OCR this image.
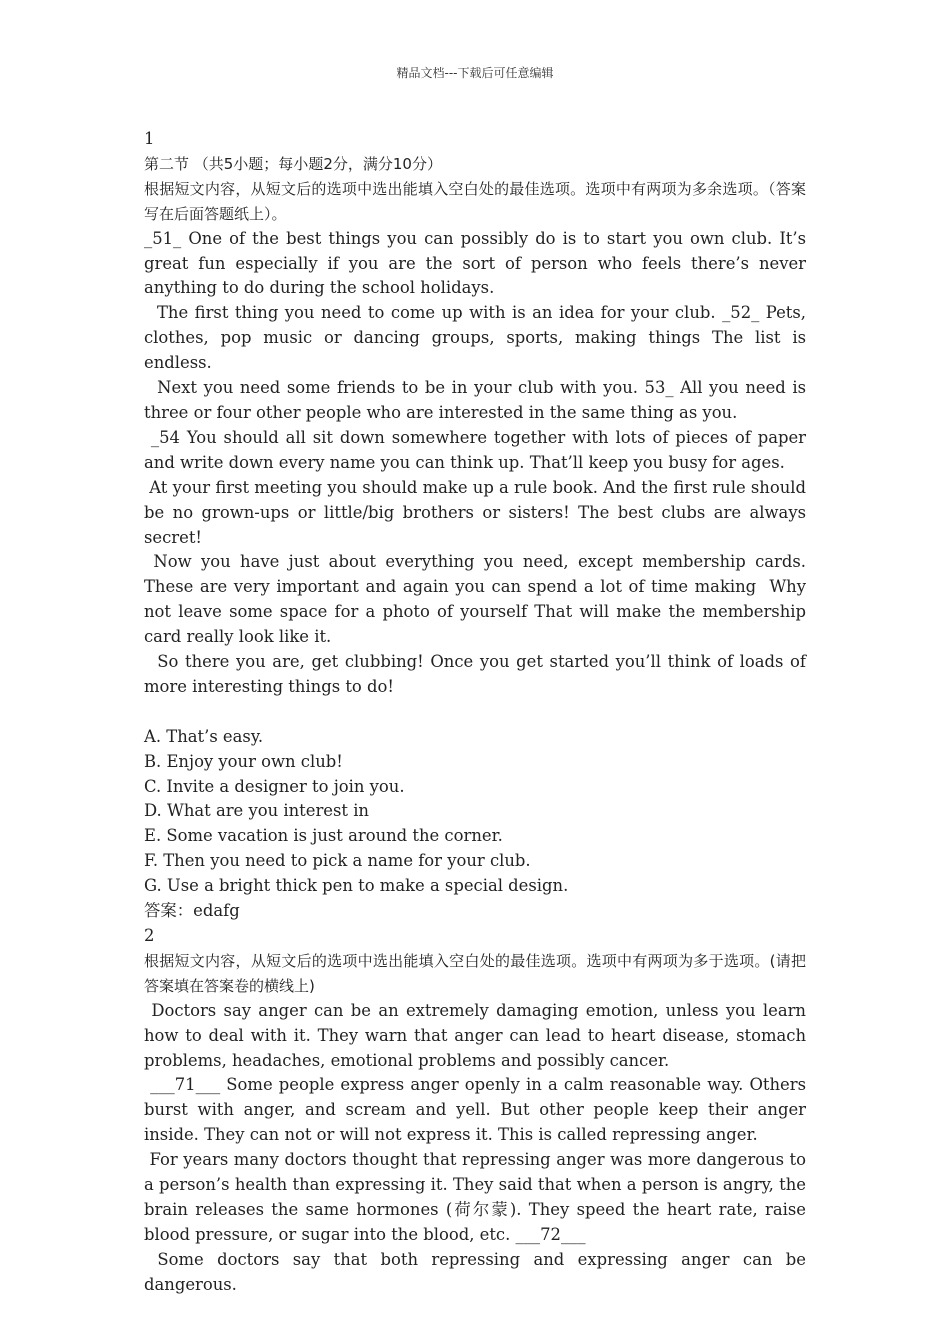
精品文档---下载后可任意编辑
1
第二节 （共5小题；每小题2分，满分10分）
根据短文内容，从短文后的选项中选出能填入空白处的最佳选项。选项中有两项为多余选项。（答案写在后面答题纸上）。
_51_ One of the best things you can possibly do is to start you own club. It’s great fun especially if you are the sort of person who feels there’s never anything to do during the school holidays.
The first thing you need to come up with is an idea for your club. _52_ Pets, clothes, pop music or dancing groups, sports, making things The list is endless.
Next you need some friends to be in your club with you. 53_ All you need is three or four other people who are interested in the same thing as you.
_54 You should all sit down somewhere together with lots of pieces of paper and write down every name you can think up. That’ll keep you busy for ages.
At your first meeting you should make up a rule book. And the first rule should be no grown-ups or little/big brothers or sisters! The best clubs are always secret!
Now you have just about everything you need, except membership cards. These are very important and again you can spend a lot of time making  Why not leave some space for a photo of yourself That will make the membership card really look like it.
So there you are, get clubbing! Once you get started you’ll think of loads of more interesting things to do!

A. That’s easy.
B. Enjoy your own club!
C. Invite a designer to join you.
D. What are you interest in
E. Some vacation is just around the corner.
F. Then you need to pick a name for your club.
G. Use a bright thick pen to make a special design.
答案：edafg
2
根据短文内容，从短文后的选项中选出能填入空白处的最佳选项。选项中有两项为多于选项。(请把答案填在答案卷的横线上)
Doctors say anger can be an extremely damaging emotion, unless you learn how to deal with it. They warn that anger can lead to heart disease, stomach problems, headaches, emotional problems and possibly cancer.
___71___ Some people express anger openly in a calm reasonable way. Others burst with anger, and scream and yell. But other people keep their anger inside. They can not or will not express it. This is called repressing anger.
For years many doctors thought that repressing anger was more dangerous to a person’s health than expressing it. They said that when a person is angry, the brain releases the same hormones (荷尔蒙). They speed the heart rate, raise blood pressure, or sugar into the blood, etc. ___72___
Some doctors say that both repressing and expressing anger can be dangerous.
